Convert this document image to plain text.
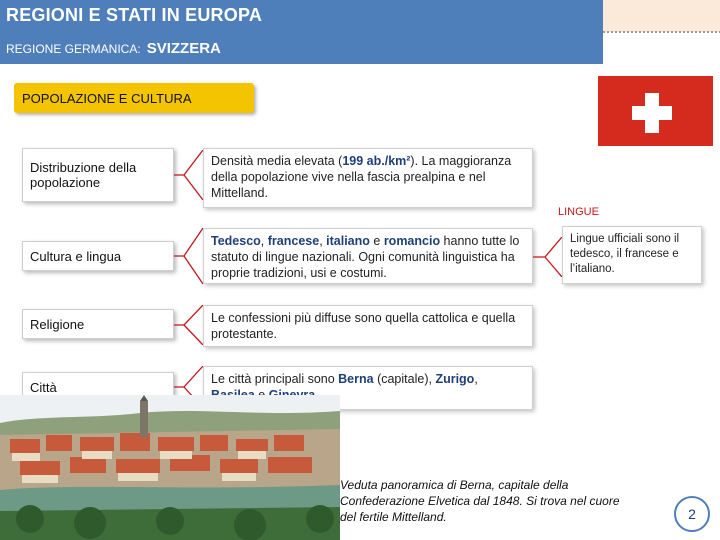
REGIONI E STATI IN EUROPA
REGIONE GERMANICA: SVIZZERA
POPOLAZIONE E CULTURA
Distribuzione della popolazione
Densità media elevata (199 ab./km²). La maggioranza della popolazione vive nella fascia prealpina e nel Mittelland.
Cultura e lingua
Tedesco, francese, italiano e romancio hanno tutte lo statuto di lingue nazionali. Ogni comunità linguistica ha proprie tradizioni, usi e costumi.
Religione	Le confessioni più diffuse sono quella cattolica e quella protestante.
Città
Le città principali sono Berna (capitale), Zurigo,
LINGUE
Lingue ufficiali sono il tedesco, il francese e l’italiano.
Veduta panoramica di Berna, capitale della Confederazione Elvetica dal 1848. Si trova nel cuore del fertile Mittelland.	2
